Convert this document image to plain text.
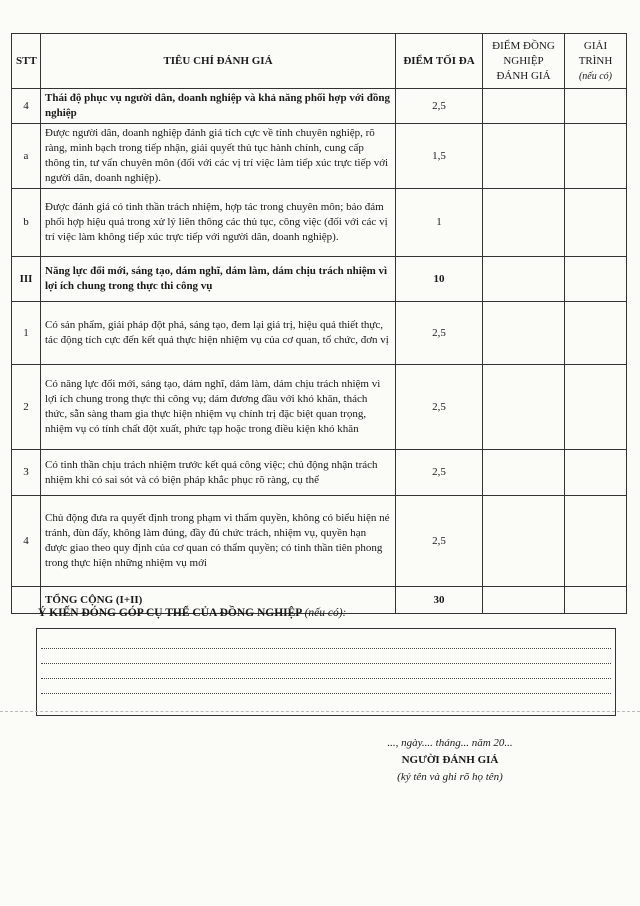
STT	TIÊU CHÍ ĐÁNH GIÁ	ĐIỂM TỐI ĐA	ĐIỂM ĐỒNG NGHIỆP ĐÁNH GIÁ	GIẢI TRÌNH
(nếu có)

4	Thái độ phục vụ người dân, doanh nghiệp và khả năng phối hợp với đồng nghiệp	2,5		
a	Được người dân, doanh nghiệp đánh giá tích cực về tính chuyên nghiệp, rõ ràng, minh bạch trong tiếp nhận, giải quyết thủ tục hành chính, cung cấp thông tin, tư vấn chuyên môn (đối với các vị trí việc làm tiếp xúc trực tiếp với người dân, doanh nghiệp).	1,5		
b	Được đánh giá có tinh thần trách nhiệm, hợp tác trong chuyên môn; bảo đảm phối hợp hiệu quả trong xử lý liên thông các thủ tục, công việc (đối với các vị trí việc làm không tiếp xúc trực tiếp với người dân, doanh nghiệp).	1		
III	Năng lực đổi mới, sáng tạo, dám nghĩ, dám làm, dám chịu trách nhiệm vì lợi ích chung trong thực thi công vụ	10		
1	Có sản phẩm, giải pháp đột phá, sáng tạo, đem lại giá trị, hiệu quả thiết thực, tác động tích cực đến kết quả thực hiện nhiệm vụ của cơ quan, tổ chức, đơn vị	2,5		
2	Có năng lực đổi mới, sáng tạo, dám nghĩ, dám làm, dám chịu trách nhiệm vì lợi ích chung trong thực thi công vụ; dám đương đầu với khó khăn, thách thức, sẵn sàng tham gia thực hiện nhiệm vụ chính trị đặc biệt quan trọng, nhiệm vụ có tính chất đột xuất, phức tạp hoặc trong điều kiện khó khăn	2,5		
3	Có tinh thần chịu trách nhiệm trước kết quả công việc; chủ động nhận trách nhiệm khi có sai sót và có biện pháp khắc phục rõ ràng, cụ thể	2,5		
4	Chủ động đưa ra quyết định trong phạm vi thẩm quyền, không có biểu hiện né tránh, đùn đẩy, không làm đúng, đầy đủ chức trách, nhiệm vụ, quyền hạn được giao theo quy định của cơ quan có thẩm quyền; có tinh thần tiên phong trong thực hiện những nhiệm vụ mới	2,5		
	TỔNG CỘNG (I+II)	30		
Ý KIẾN ĐÓNG GÓP CỤ THỂ CỦA ĐỒNG NGHIỆP (nếu có):
..., ngày.... tháng... năm 20...
NGƯỜI ĐÁNH GIÁ
(ký tên và ghi rõ họ tên)
